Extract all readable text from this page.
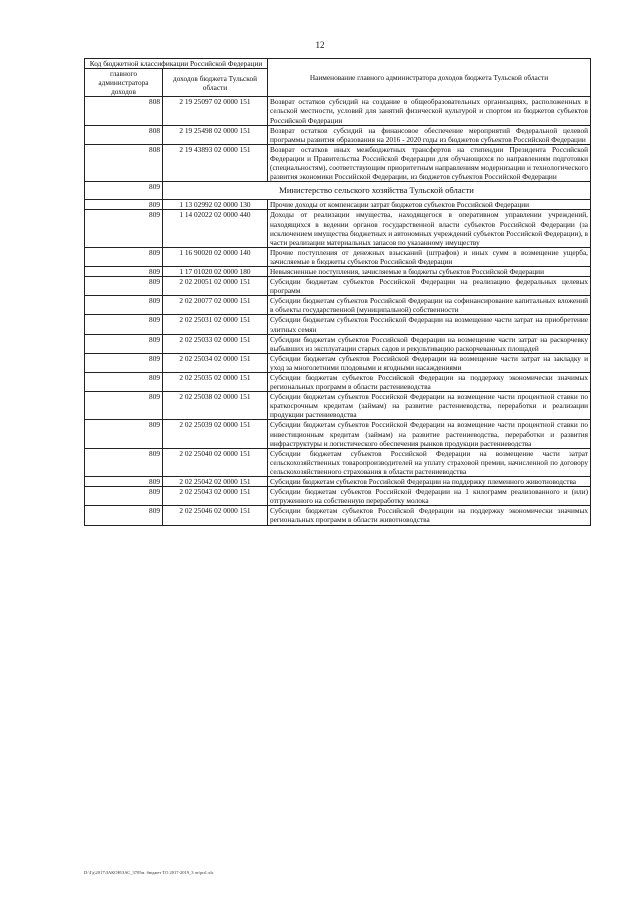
12
Код бюджетной классификации Российской Федерации		Наименование главного администратора доходов бюджета Тульской области
главного администратора доходов	доходов бюджета Тульской области	
808	2 19 25097 02 0000 151	Возврат остатков субсидий на создание в общеобразовательных организациях, расположенных в сельской местности, условий для занятий физической культурой и спортом из бюджетов субъектов Российской Федерации
808	2 19 25498 02 0000 151	Возврат остатков субсидий на финансовое обеспечение мероприятий Федеральной целевой программы развития образования на 2016 - 2020 годы из бюджетов субъектов Российской Федерации
808	2 19 43893 02 0000 151	Возврат остатков иных межбюджетных трансфертов на стипендии Президента Российской Федерации и Правительства Российской Федерации для обучающихся по направлениям подготовки (специальностям), соответствующим приоритетным направлениям модернизации и технологического развития экономики Российской Федерации, из бюджетов субъектов Российской Федерации
809	Министерство сельского хозяйства Тульской области	
809	1 13 02992 02 0000 130	Прочие доходы от компенсации затрат бюджетов субъектов Российской Федерации
809	1 14 02022 02 0000 440	Доходы от реализации имущества, находящегося в оперативном управлении учреждений, находящихся в ведении органов государственной власти субъектов Российской Федерации (за исключением имущества бюджетных и автономных учреждений субъектов Российской Федерации), в части реализации материальных запасов по указанному имуществу
809	1 16 90020 02 0000 140	Прочие поступления от денежных взысканий (штрафов) и иных сумм в возмещение ущерба, зачисляемые в бюджеты субъектов Российской Федерации
809	1 17 01020 02 0000 180	Невыясненные поступления, зачисляемые в бюджеты субъектов Российской Федерации
809	2 02 20051 02 0000 151	Субсидии бюджетам субъектов Российской Федерации на реализацию федеральных целевых программ
809	2 02 20077 02 0000 151	Субсидии бюджетам субъектов Российской Федерации на софинансирование капитальных вложений в объекты государственной (муниципальной) собственности
809	2 02 25031 02 0000 151	Субсидии бюджетам субъектов Российской Федерации на возмещение части затрат на приобретение элитных семян
809	2 02 25033 02 0000 151	Субсидии бюджетам субъектов Российской Федерации на возмещение части затрат на раскорчевку выбывших из эксплуатации старых садов и рекультивацию раскорчеванных площадей
809	2 02 25034 02 0000 151	Субсидии бюджетам субъектов Российской Федерации на возмещение части затрат на закладку и уход за многолетними плодовыми и ягодными насаждениями
809	2 02 25035 02 0000 151	Субсидии бюджетам субъектов Российской Федерации на поддержку экономически значимых региональных программ в области растениеводства
809	2 02 25038 02 0000 151	Субсидии бюджетам субъектов Российской Федерации на возмещение части процентной ставки по краткосрочным кредитам (займам) на развитие растениеводства, переработки и реализации продукции растениеводства
809	2 02 25039 02 0000 151	Субсидии бюджетам субъектов Российской Федерации на возмещение части процентной ставки по инвестиционным кредитам (займам) на развитие растениеводства, переработки и развития инфраструктуры и логистического обеспечения рынков продукции растениеводства
809	2 02 25040 02 0000 151	Субсидии бюджетам субъектов Российской Федерации на возмещение части затрат сельскохозяйственных товаропроизводителей на уплату страховой премии, начисленной по договору сельскохозяйственного страхования в области растениеводства
809	2 02 25042 02 0000 151	Субсидии бюджетам субъектов Российской Федерации на поддержку племенного животноводства
809	2 02 25043 02 0000 151	Субсидии бюджетам субъектов Российской Федерации на 1 килограмм реализованного и (или) отгруженного на собственную переработку молока
809	2 02 25046 02 0000 151	Субсидии бюджетам субъектов Российской Федерации на поддержку экономически значимых региональных программ в области животноводства
D:\Гд\2017\ЗАКОН\ЗАС_3705м. бюджет ТО 2017-2019_3 чт\рп1.xls
